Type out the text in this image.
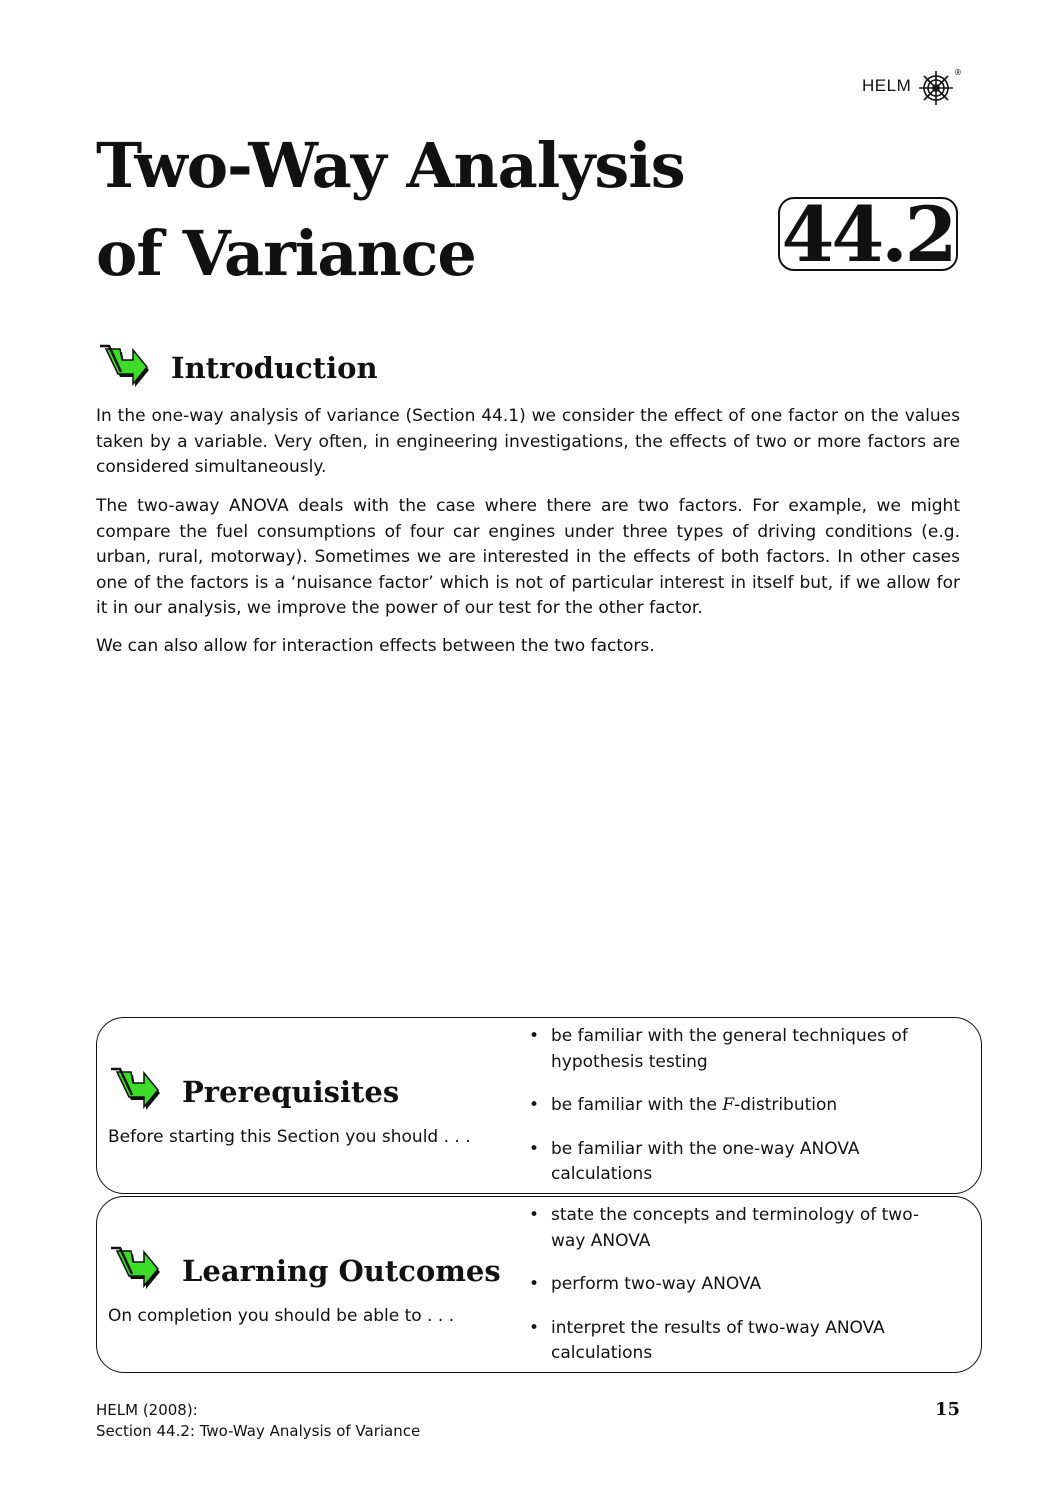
HELM
®
Two-Way Analysis
of Variance	44.2
Introduction

In the one-way analysis of variance (Section 44.1) we consider the effect of one factor on the values taken by a variable. Very often, in engineering investigations, the effects of two or more factors are considered simultaneously.

The two-away ANOVA deals with the case where there are two factors. For example, we might compare the fuel consumptions of four car engines under three types of driving conditions (e.g. urban, rural, motorway). Sometimes we are interested in the effects of both factors. In other cases one of the factors is a ‘nuisance factor’ which is not of particular interest in itself but, if we allow for it in our analysis, we improve the power of our test for the other factor.

We can also allow for interaction effects between the two factors.

Prerequisites

Before starting this Section you should . . .

• be familiar with the general techniques of hypothesis testing
• be familiar with the F-distribution
• be familiar with the one-way ANOVA calculations
Learning Outcomes

On completion you should be able to . . .

• state the concepts and terminology of two-way ANOVA
• perform two-way ANOVA
• interpret the results of two-way ANOVA calculations
HELM (2008):
Section 44.2: Two-Way Analysis of Variance
15
